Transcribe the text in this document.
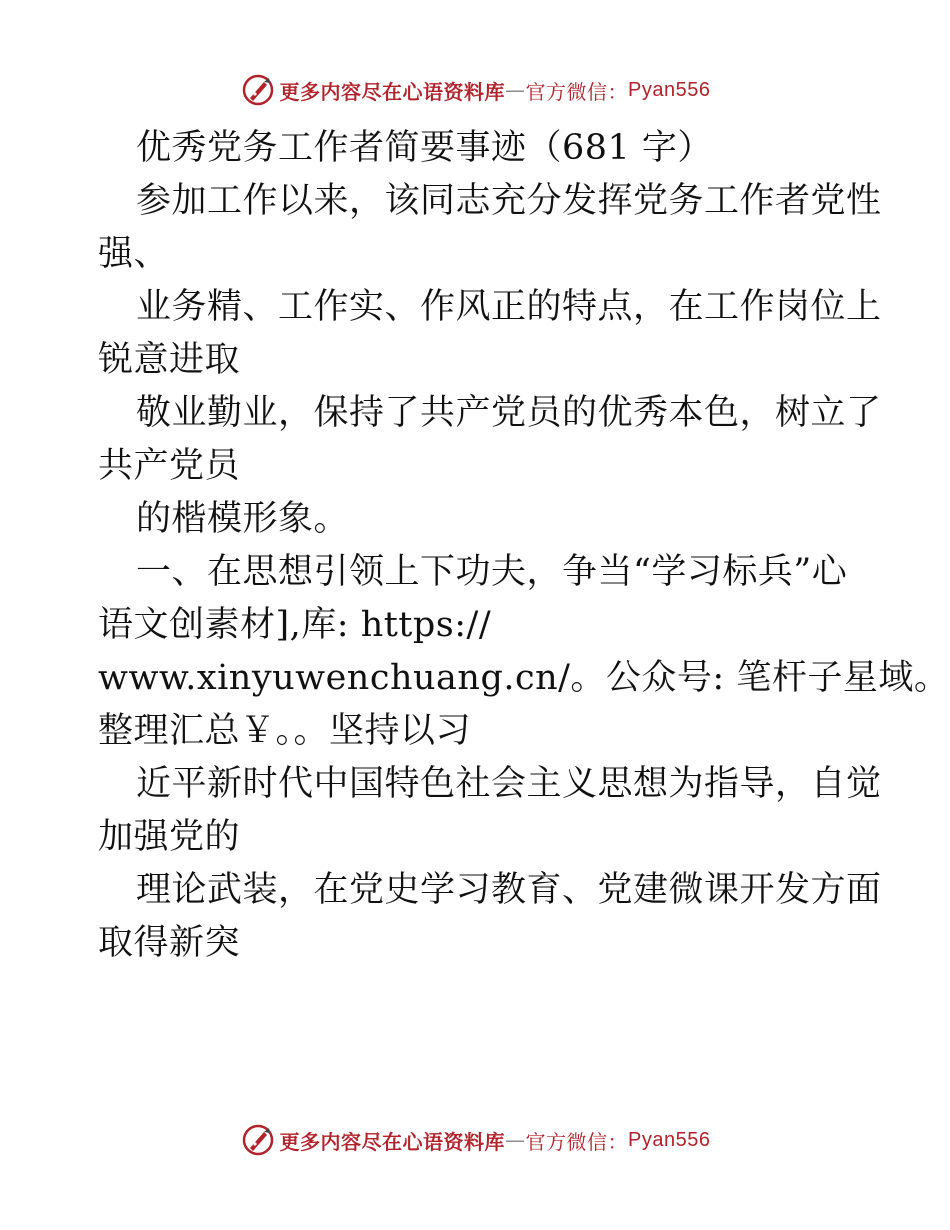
更多内容尽在心语资料库 — 官方微信： Pyan556
优秀党务工作者简要事迹（681 字）
参加工作以来，该同志充分发挥党务工作者党性
强、
业务精、工作实、作风正的特点，在工作岗位上
锐意进取
敬业勤业，保持了共产党员的优秀本色，树立了
共产党员
的楷模形象。
一、在思想引领上下功夫，争当“学习标兵”心
语文创素材],库: https://
www.xinyuwenchuang.cn/。公众号: 笔杆子星域。
整理汇总￥。。坚持以习
近平新时代中国特色社会主义思想为指导，自觉
加强党的
理论武装，在党史学习教育、党建微课开发方面
取得新突
更多内容尽在心语资料库 — 官方微信： Pyan556
